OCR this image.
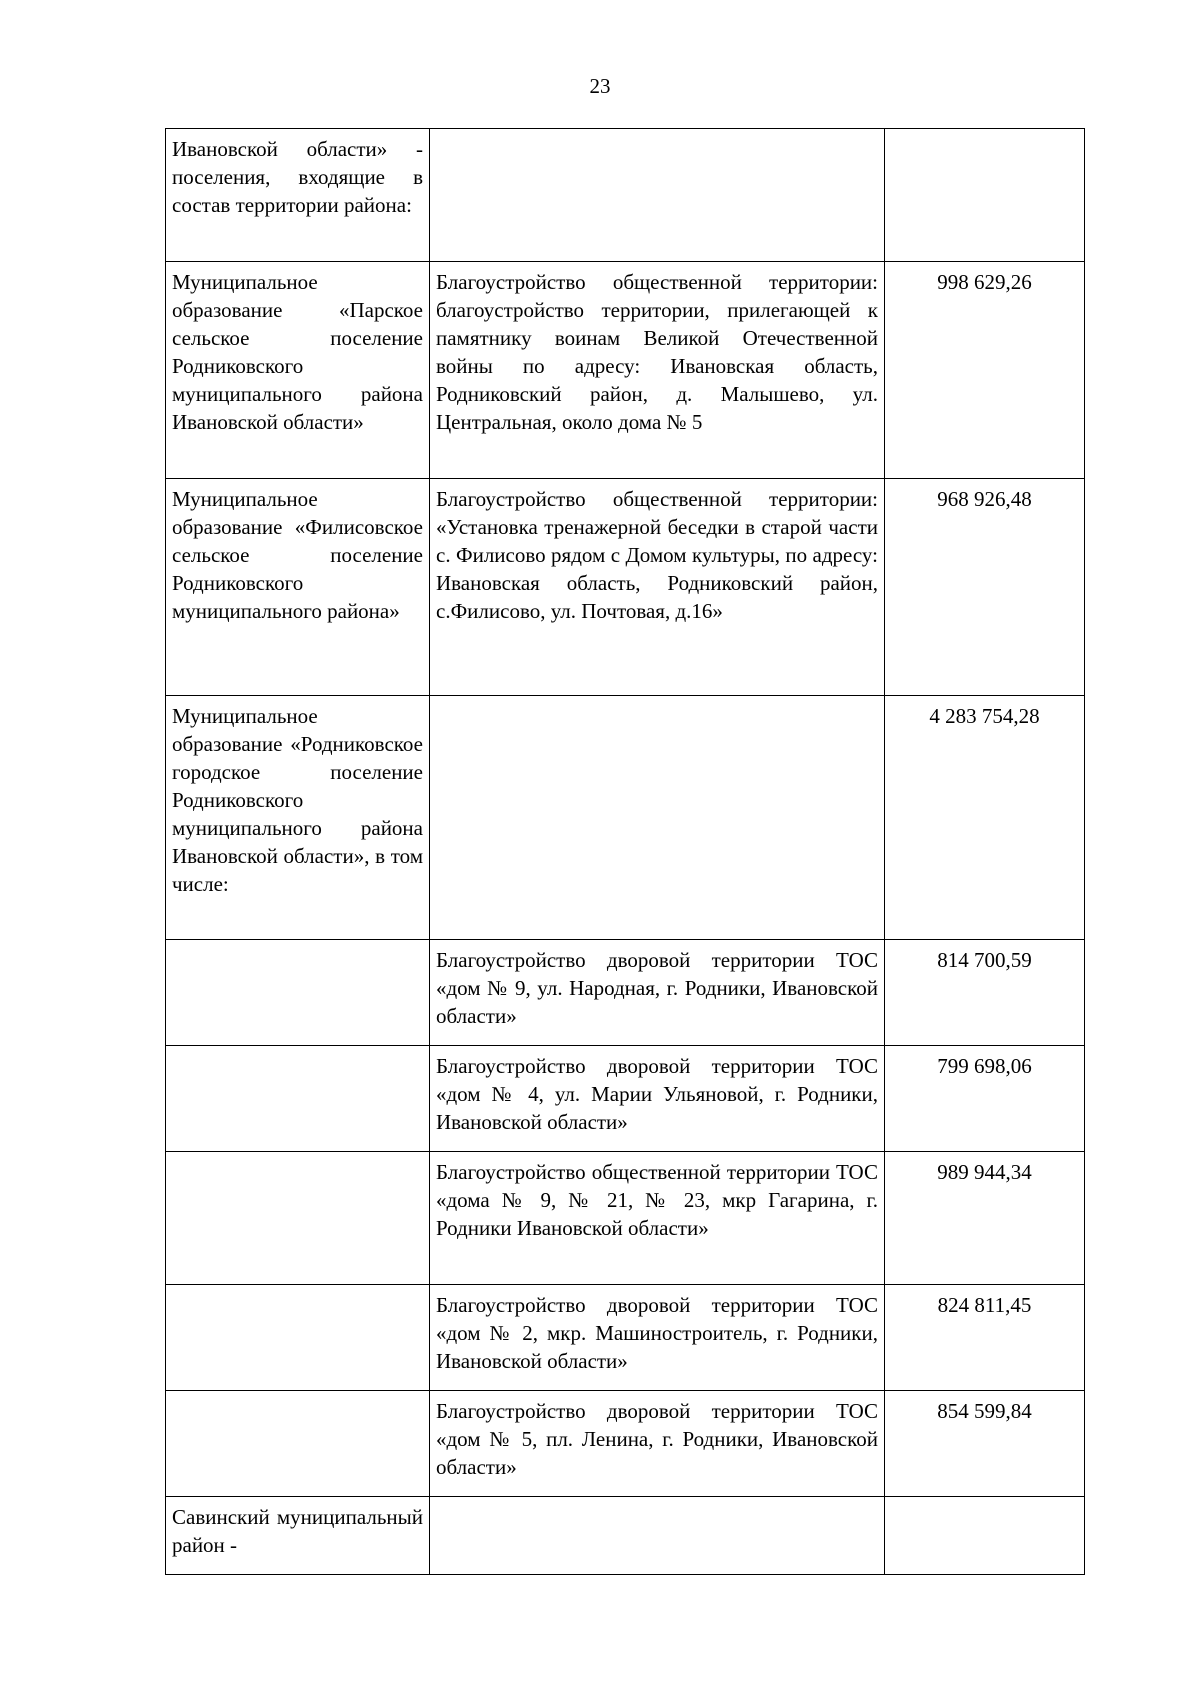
23
Ивановской области» - поселения, входящие в состав территории района:		
Муниципальное образование «Парское сельское поселение Родниковского муниципального района Ивановской области»	Благоустройство общественной территории: благоустройство территории, прилегающей к памятнику воинам Великой Отечественной войны по адресу: Ивановская область, Родниковский район, д. Малышево, ул. Центральная, около дома № 5	998 629,26
Муниципальное образование «Филисовское сельское поселение Родниковского муниципального района»	Благоустройство общественной территории: «Установка тренажерной беседки в старой части с. Филисово рядом с Домом культуры, по адресу: Ивановская область, Родниковский район, с.Филисово, ул. Почтовая, д.16»	968 926,48
Муниципальное образование «Родниковское городское поселение Родниковского муниципального района Ивановской области», в том числе:		4 283 754,28
	Благоустройство дворовой территории ТОС «дом № 9, ул. Народная, г. Родники, Ивановской области»	814 700,59
	Благоустройство дворовой территории ТОС «дом № 4, ул. Марии Ульяновой, г. Родники, Ивановской области»	799 698,06
	Благоустройство общественной территории ТОС «дома № 9, № 21, № 23, мкр Гагарина, г. Родники Ивановской области»	989 944,34
	Благоустройство дворовой территории ТОС «дом № 2, мкр. Машиностроитель, г. Родники, Ивановской области»	824 811,45
	Благоустройство дворовой территории ТОС «дом № 5, пл. Ленина, г. Родники, Ивановской области»	854 599,84
Савинский муниципальный район -		
